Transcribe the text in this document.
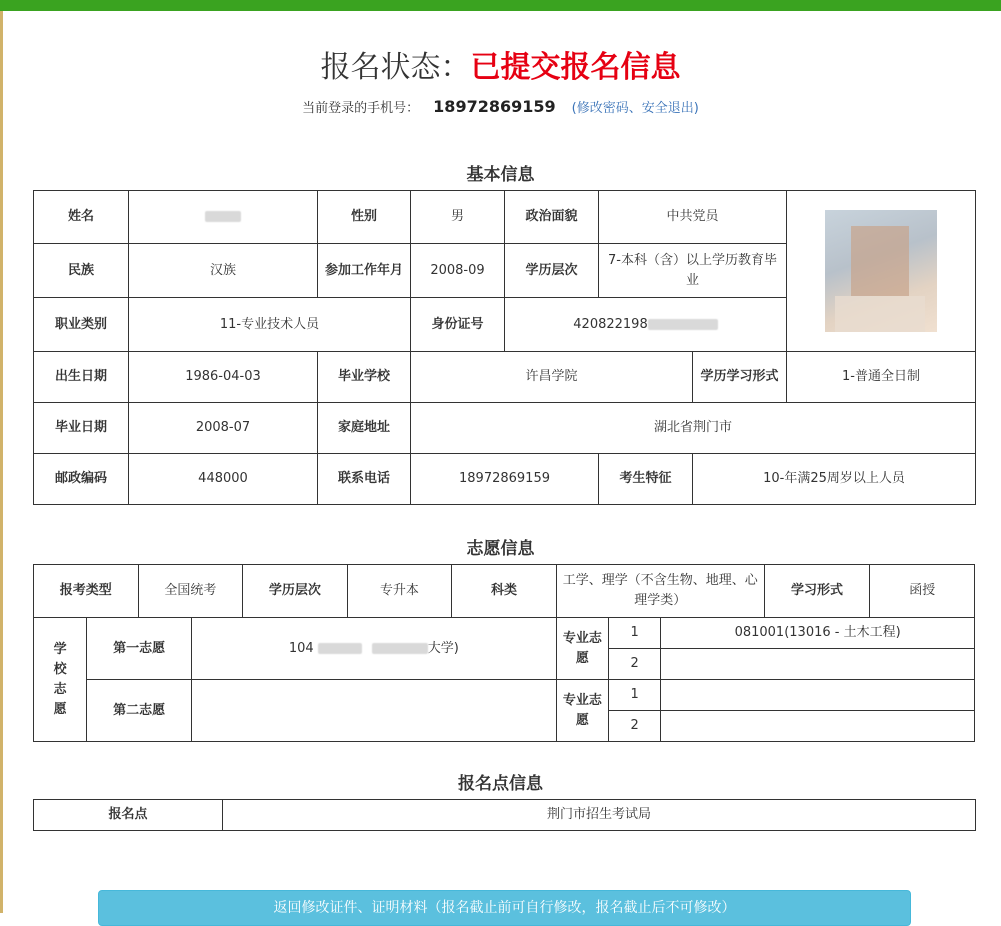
报名状态：已提交报名信息
当前登录的手机号： 18972869159 (修改密码、安全退出)
基本信息
姓名		性别	男	政治面貌	中共党员		

民族	汉族	参加工作年月	2008-09	学历层次	7-本科（含）以上学历教育毕业		
职业类别	11-专业技术人员		身份证号	420822198			
出生日期	1986-04-03	毕业学校	许昌学院			学历学习形式	1-普通全日制
毕业日期	2008-07	家庭地址	湖北省荆门市				
邮政编码	448000	联系电话	18972869159		考生特征	10-年满25周岁以上人员	
志愿信息
报考类型		全国统考		学历层次	专升本	科类	工学、理学（不含生物、地理、心理学类）			学习形式	函授

学校志愿	第一志愿		104 大学)				专业志愿	1	081001(13016 - 土木工程)		
								2			
	第二志愿						专业志愿	1			
								2			
报名点信息
报名点	荆门市招生考试局
返回修改证件、证明材料（报名截止前可自行修改，报名截止后不可修改）
